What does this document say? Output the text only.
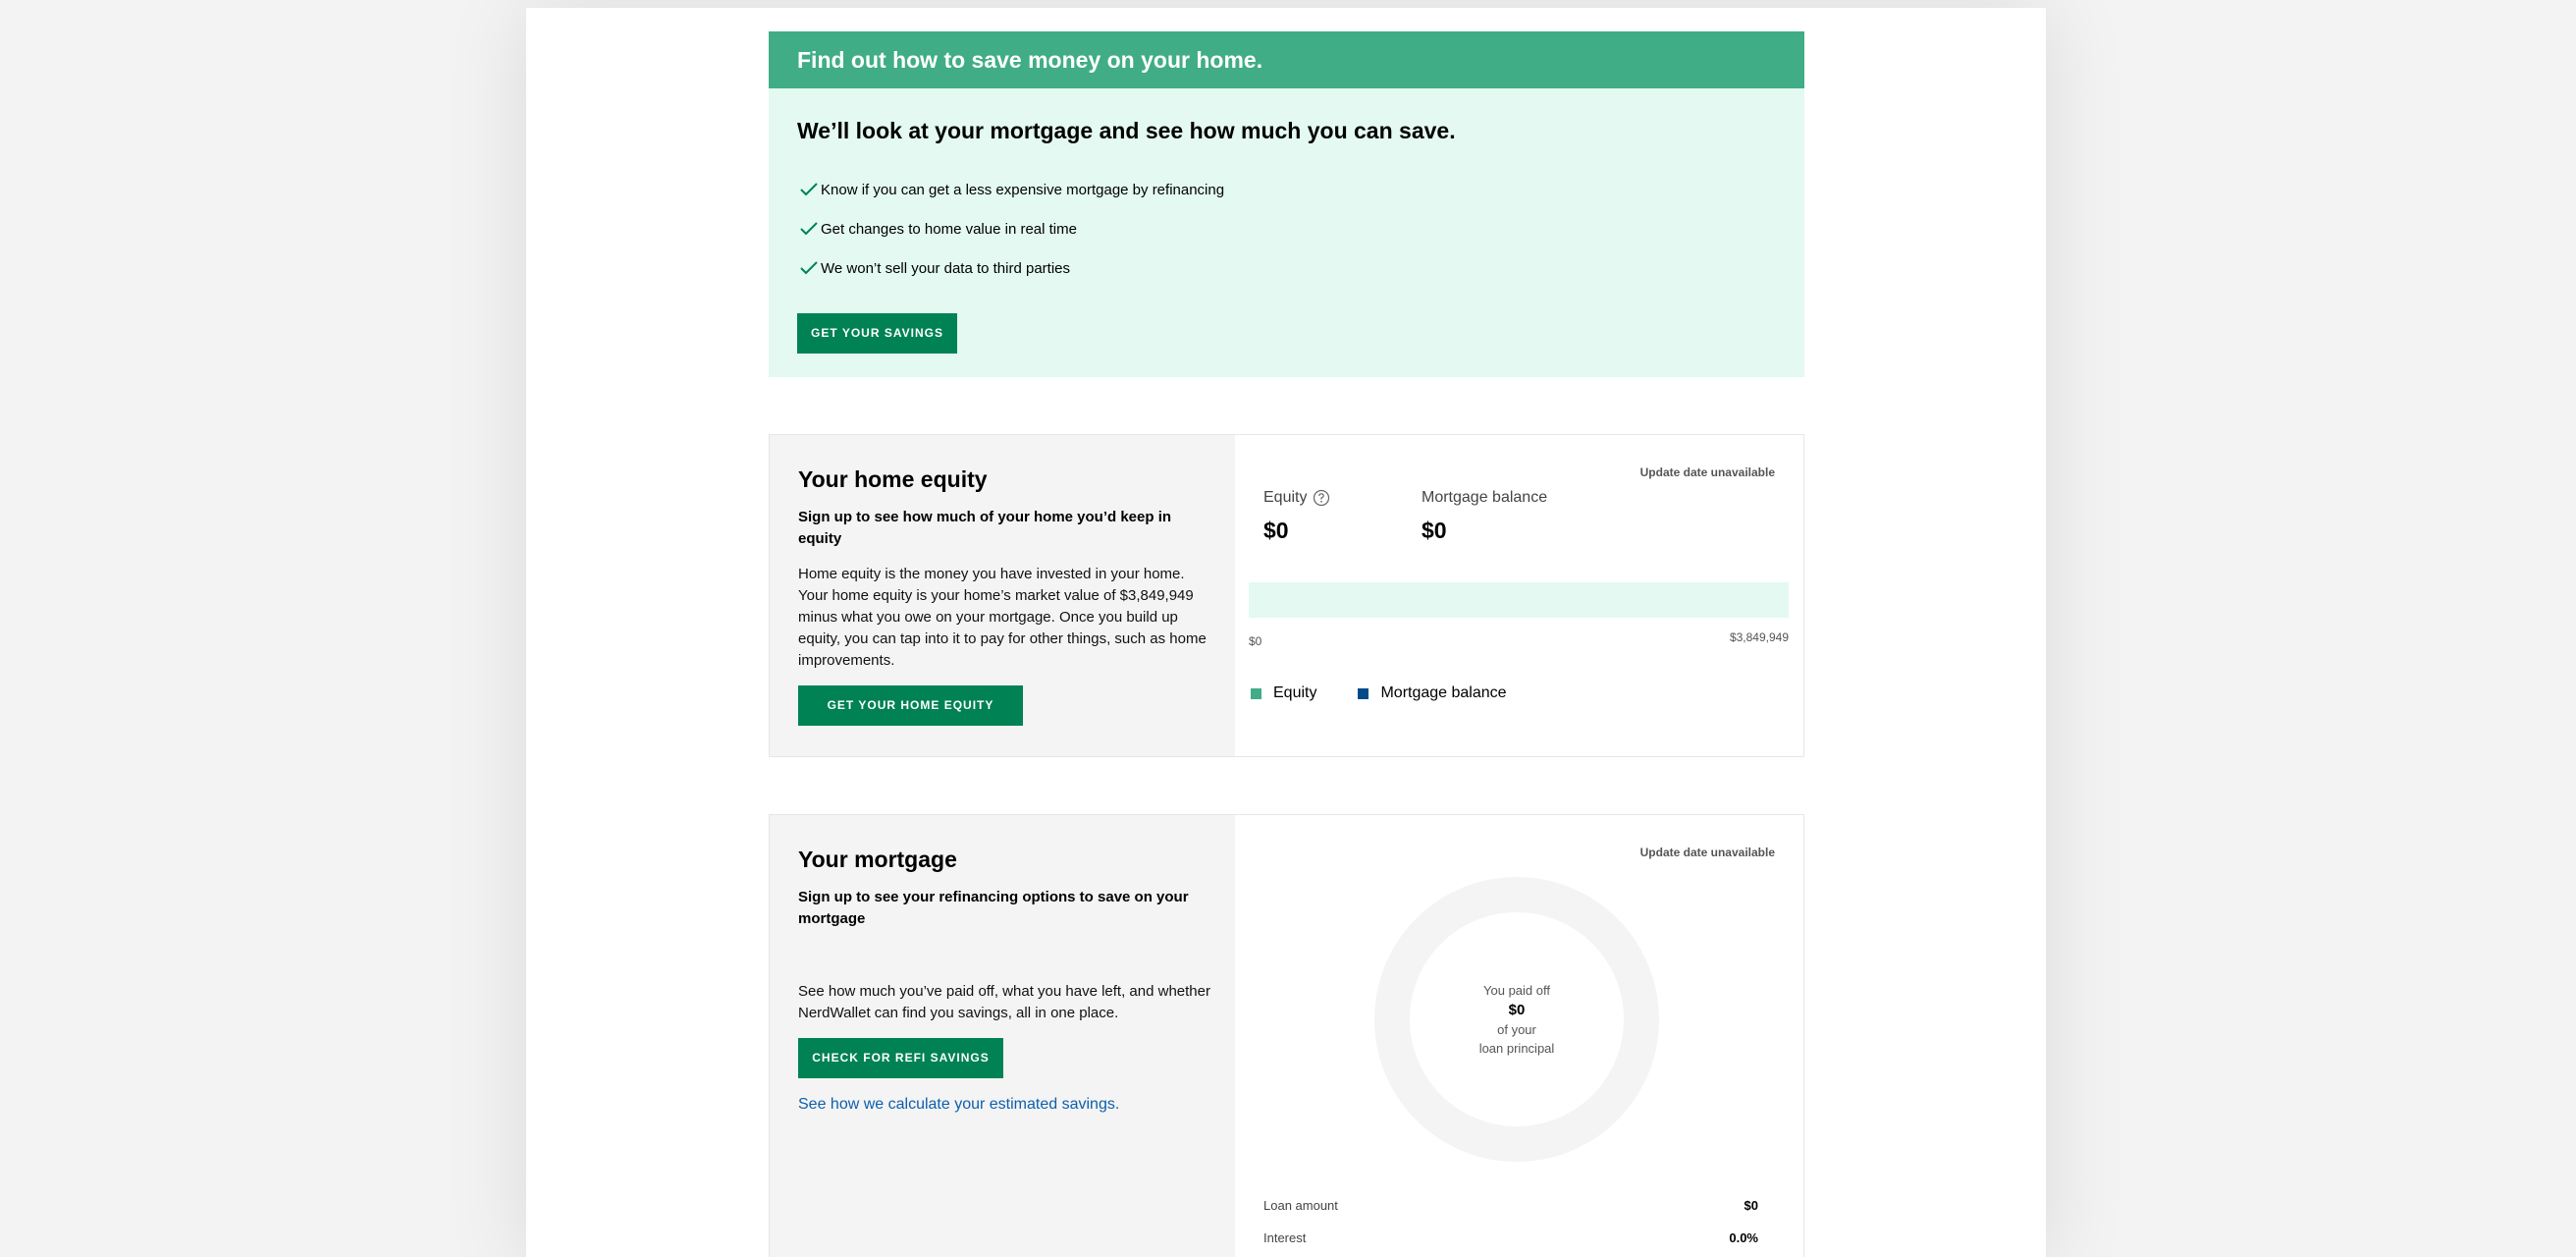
Find out how to save money on your home.
We’ll look at your mortgage and see how much you can save.
Know if you can get a less expensive mortgage by refinancing
Get changes to home value in real time
We won’t sell your data to third parties
GET YOUR SAVINGS
Your home equity

Sign up to see how much of your home you’d keep in equity

Home equity is the money you have invested in your home. Your home equity is your home’s market value of $3,849,949 minus what you owe on your mortgage. Once you build up equity, you can tap into it to pay for other things, such as home improvements.

GET YOUR HOME EQUITY
Update date unavailable
Equity
$0
Mortgage balance
$0
$0	$3,849,949
Equity	Mortgage balance
Your mortgage

Sign up to see your refinancing options to save on your mortgage

See how much you’ve paid off, what you have left, and whether NerdWallet can find you savings, all in one place.

CHECK FOR REFI SAVINGS
See how we calculate your estimated savings.
Update date unavailable
You paid off
$0
of your
loan principal
Loan amount	$0
Interest	0.0%
